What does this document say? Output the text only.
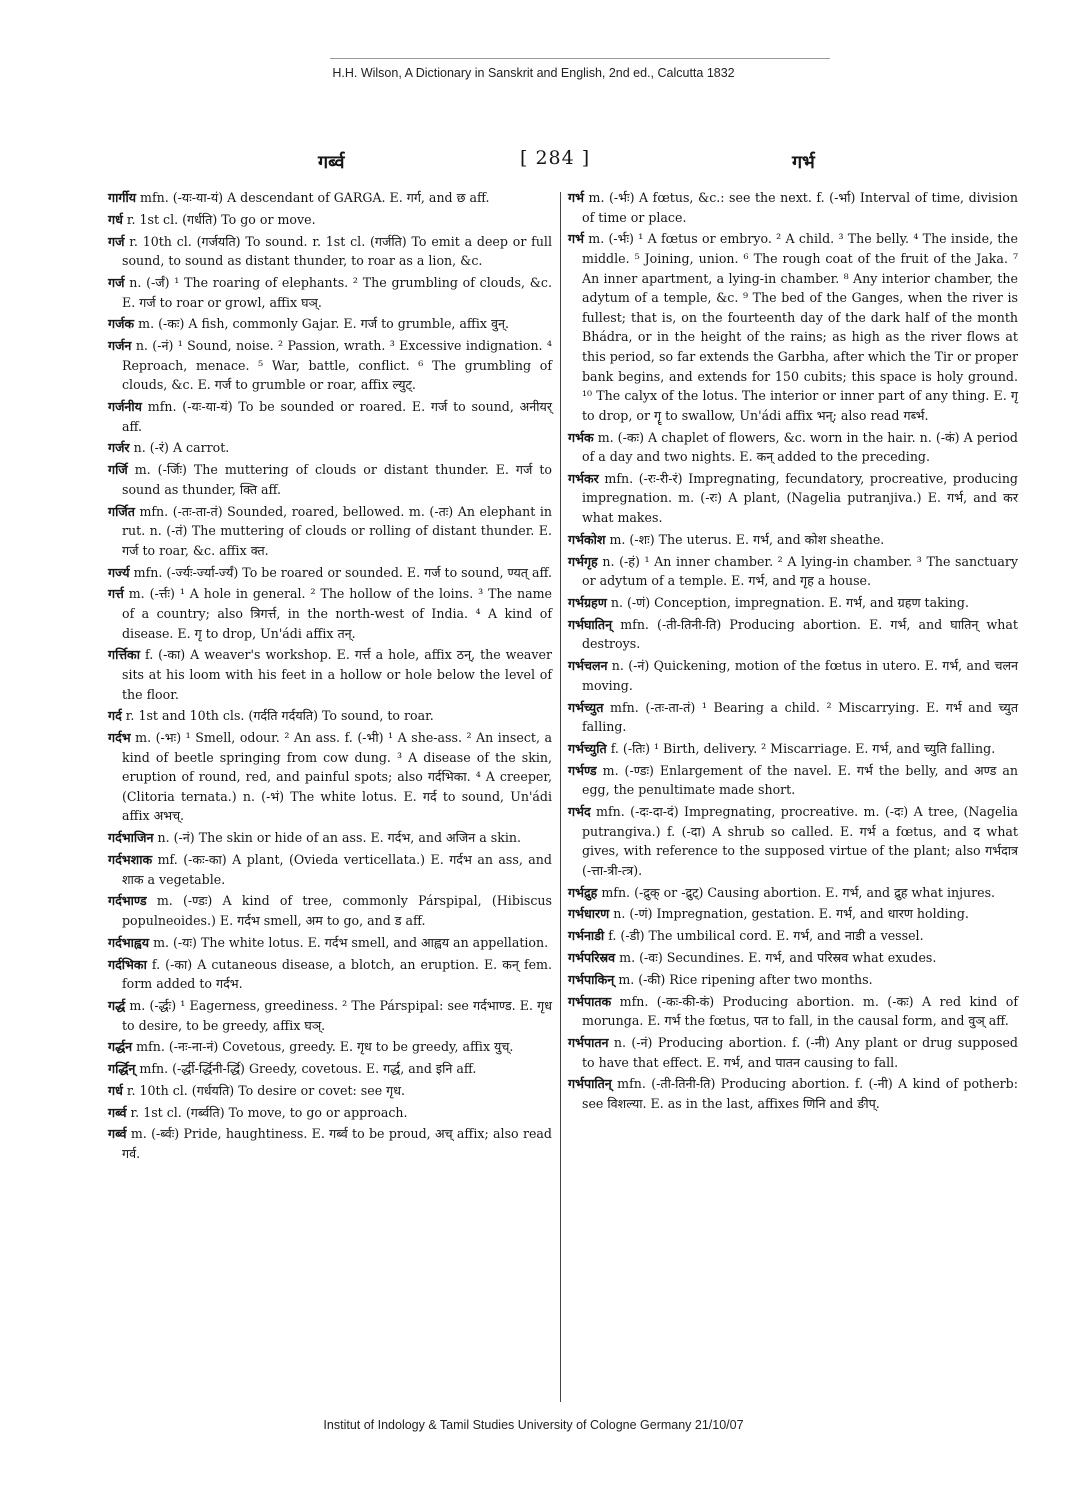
H.H. Wilson, A Dictionary in Sanskrit and English, 2nd ed., Calcutta 1832
गर्ब्व	[ 284 ]	गर्भ
गार्गीय mfn. (-यः-या-यं) A descendant of GARGA. E. गर्ग, and छ aff.
गर्ध r. 1st cl. (गर्धति) To go or move.
गर्ज r. 10th cl. (गर्जयति) To sound. r. 1st cl. (गर्जति) To emit a deep or full sound, to sound as distant thunder, to roar as a lion, &c.
गर्ज n. (-र्जं) ¹ The roaring of elephants. ² The grumbling of clouds, &c. E. गर्ज to roar or growl, affix घञ्.
गर्जक m. (-कः) A fish, commonly Gajar. E. गर्ज to grumble, affix वुन्.
गर्जन n. (-नं) ¹ Sound, noise. ² Passion, wrath. ³ Excessive indignation. ⁴ Reproach, menace. ⁵ War, battle, conflict. ⁶ The grumbling of clouds, &c. E. गर्ज to grumble or roar, affix ल्युट्.
गर्जनीय mfn. (-यः-या-यं) To be sounded or roared. E. गर्ज to sound, अनीयर् aff.
गर्जर n. (-रं) A carrot.
गर्जि m. (-र्जिः) The muttering of clouds or distant thunder. E. गर्ज to sound as thunder, क्ति aff.
गर्जित mfn. (-तः-ता-तं) Sounded, roared, bellowed. m. (-तः) An elephant in rut. n. (-तं) The muttering of clouds or rolling of distant thunder. E. गर्ज to roar, &c. affix क्त.
गर्ज्य mfn. (-र्ज्यः-र्ज्या-र्ज्यं) To be roared or sounded. E. गर्ज to sound, ण्यत् aff.
गर्त्त m. (-र्त्तः) ¹ A hole in general. ² The hollow of the loins. ³ The name of a country; also त्रिगर्त्त, in the north-west of India. ⁴ A kind of disease. E. गृ to drop, Un'ádi affix तन्.
गर्त्तिका f. (-का) A weaver's workshop. E. गर्त्त a hole, affix ठन्, the weaver sits at his loom with his feet in a hollow or hole below the level of the floor.
गर्द r. 1st and 10th cls. (गर्दति गर्दयति) To sound, to roar.
गर्दभ m. (-भः) ¹ Smell, odour. ² An ass. f. (-भी) ¹ A she-ass. ² An insect, a kind of beetle springing from cow dung. ³ A disease of the skin, eruption of round, red, and painful spots; also गर्दभिका. ⁴ A creeper, (Clitoria ternata.) n. (-भं) The white lotus. E. गर्द to sound, Un'ádi affix अभच्.
गर्दभाजिन n. (-नं) The skin or hide of an ass. E. गर्दभ, and अजिन a skin.
गर्दभशाक mf. (-कः-का) A plant, (Ovieda verticellata.) E. गर्दभ an ass, and शाक a vegetable.
गर्दभाण्ड m. (-ण्डः) A kind of tree, commonly Párspipal, (Hibiscus populneoides.) E. गर्दभ smell, अम to go, and ड aff.
गर्दभाह्वय m. (-यः) The white lotus. E. गर्दभ smell, and आह्वय an appellation.
गर्दभिका f. (-का) A cutaneous disease, a blotch, an eruption. E. कन् fem. form added to गर्दभ.
गर्द्ध m. (-र्द्धः) ¹ Eagerness, greediness. ² The Párspipal: see गर्दभाण्ड. E. गृध to desire, to be greedy, affix घञ्.
गर्द्धन mfn. (-नः-ना-नं) Covetous, greedy. E. गृध to be greedy, affix युच्.
गर्द्धिन् mfn. (-र्द्धी-र्द्धिनी-र्द्धि) Greedy, covetous. E. गर्द्ध, and इनि aff.
गर्ध r. 10th cl. (गर्धयति) To desire or covet: see गृध.
गर्ब्व r. 1st cl. (गर्ब्वति) To move, to go or approach.
गर्ब्व m. (-र्ब्वः) Pride, haughtiness. E. गर्ब्व to be proud, अच् affix; also read गर्व.
गर्भ m. (-र्भः) A fœtus, &c.: see the next. f. (-र्भा) Interval of time, division of time or place.
गर्भ m. (-र्भः) ¹ A fœtus or embryo. ² A child. ³ The belly. ⁴ The inside, the middle. ⁵ Joining, union. ⁶ The rough coat of the fruit of the Jaka. ⁷ An inner apartment, a lying-in chamber. ⁸ Any interior chamber, the adytum of a temple, &c. ⁹ The bed of the Ganges, when the river is fullest; that is, on the fourteenth day of the dark half of the month Bhádra, or in the height of the rains; as high as the river flows at this period, so far extends the Garbha, after which the Tir or proper bank begins, and extends for 150 cubits; this space is holy ground. ¹⁰ The calyx of the lotus. The interior or inner part of any thing. E. गृ to drop, or गॄ to swallow, Un'ádi affix भन्; also read गर्ब्भ.
गर्भक m. (-कः) A chaplet of flowers, &c. worn in the hair. n. (-कं) A period of a day and two nights. E. कन् added to the preceding.
गर्भकर mfn. (-रः-री-रं) Impregnating, fecundatory, procreative, producing impregnation. m. (-रः) A plant, (Nagelia putranjiva.) E. गर्भ, and कर what makes.
गर्भकोश m. (-शः) The uterus. E. गर्भ, and कोश sheathe.
गर्भगृह n. (-हं) ¹ An inner chamber. ² A lying-in chamber. ³ The sanctuary or adytum of a temple. E. गर्भ, and गृह a house.
गर्भग्रहण n. (-णं) Conception, impregnation. E. गर्भ, and ग्रहण taking.
गर्भघातिन् mfn. (-ती-तिनी-ति) Producing abortion. E. गर्भ, and घातिन् what destroys.
गर्भचलन n. (-नं) Quickening, motion of the fœtus in utero. E. गर्भ, and चलन moving.
गर्भच्युत mfn. (-तः-ता-तं) ¹ Bearing a child. ² Miscarrying. E. गर्भ and च्युत falling.
गर्भच्युति f. (-तिः) ¹ Birth, delivery. ² Miscarriage. E. गर्भ, and च्युति falling.
गर्भण्ड m. (-ण्डः) Enlargement of the navel. E. गर्भ the belly, and अण्ड an egg, the penultimate made short.
गर्भद mfn. (-दः-दा-दं) Impregnating, procreative. m. (-दः) A tree, (Nagelia putrangiva.) f. (-दा) A shrub so called. E. गर्भ a fœtus, and द what gives, with reference to the supposed virtue of the plant; also गर्भदात्र (-त्ता-त्री-त्त्र).
गर्भद्रुह mfn. (-द्रुक् or -द्रुट्) Causing abortion. E. गर्भ, and द्रुह what injures.
गर्भधारण n. (-णं) Impregnation, gestation. E. गर्भ, and धारण holding.
गर्भनाडी f. (-डी) The umbilical cord. E. गर्भ, and नाडी a vessel.
गर्भपरिस्रव m. (-वः) Secundines. E. गर्भ, and परिस्रव what exudes.
गर्भपाकिन् m. (-की) Rice ripening after two months.
गर्भपातक mfn. (-कः-की-कं) Producing abortion. m. (-कः) A red kind of morunga. E. गर्भ the fœtus, पत to fall, in the causal form, and वुञ् aff.
गर्भपातन n. (-नं) Producing abortion. f. (-नी) Any plant or drug supposed to have that effect. E. गर्भ, and पातन causing to fall.
गर्भपातिन् mfn. (-ती-तिनी-ति) Producing abortion. f. (-नी) A kind of potherb: see विशल्या. E. as in the last, affixes णिनि and ङीप्.
Institut of Indology & Tamil Studies University of Cologne Germany 21/10/07
